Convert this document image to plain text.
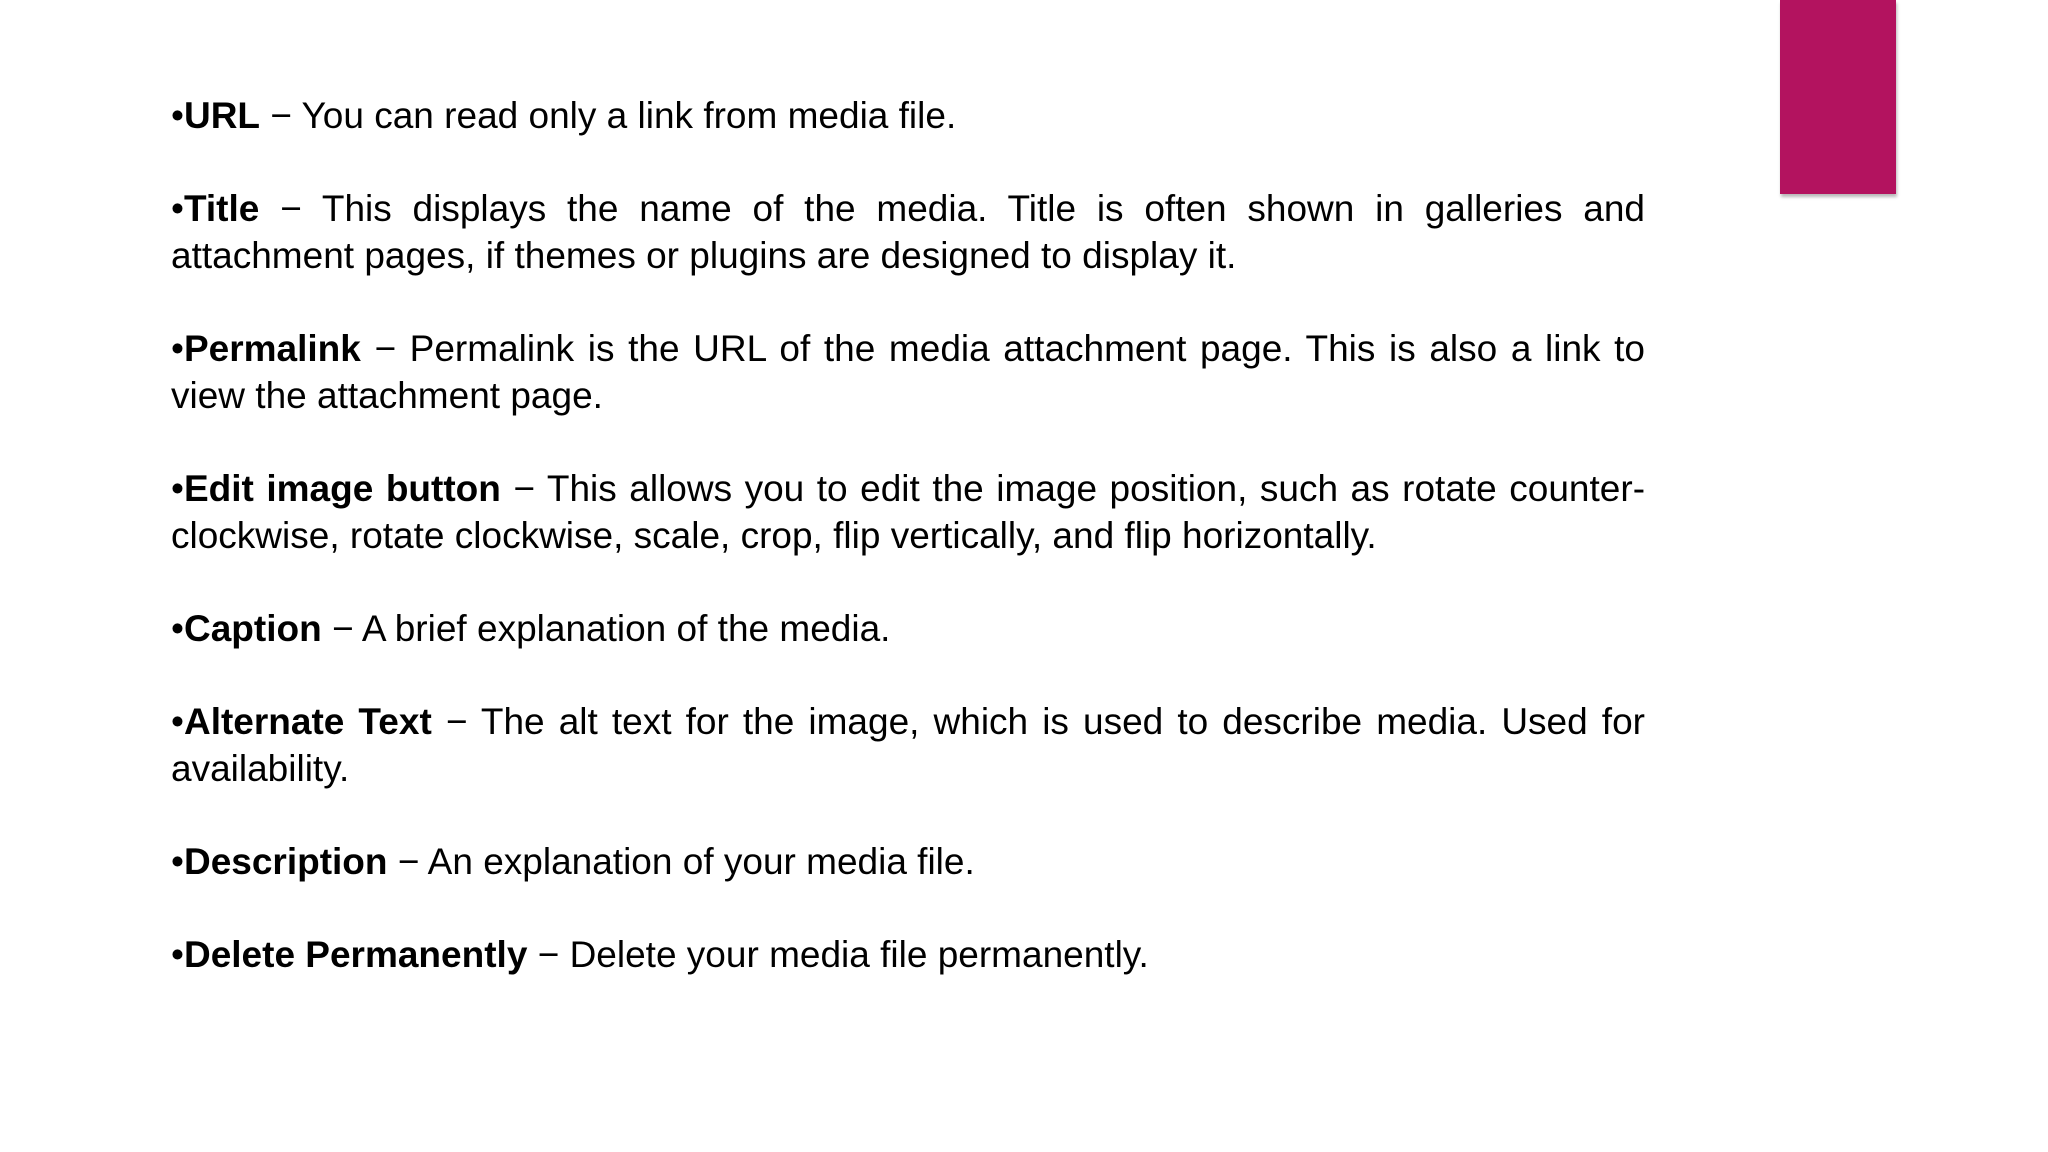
•URL − You can read only a link from media file.

•Title − This displays the name of the media. Title is often shown in galleries and attachment pages, if themes or plugins are designed to display it.

•Permalink − Permalink is the URL of the media attachment page. This is also a link to view the attachment page.

•Edit image button − This allows you to edit the image position, such as rotate counter-clockwise, rotate clockwise, scale, crop, flip vertically, and flip horizontally.

•Caption − A brief explanation of the media.

•Alternate Text − The alt text for the image, which is used to describe media. Used for availability.

•Description − An explanation of your media file.

•Delete Permanently − Delete your media file permanently.
